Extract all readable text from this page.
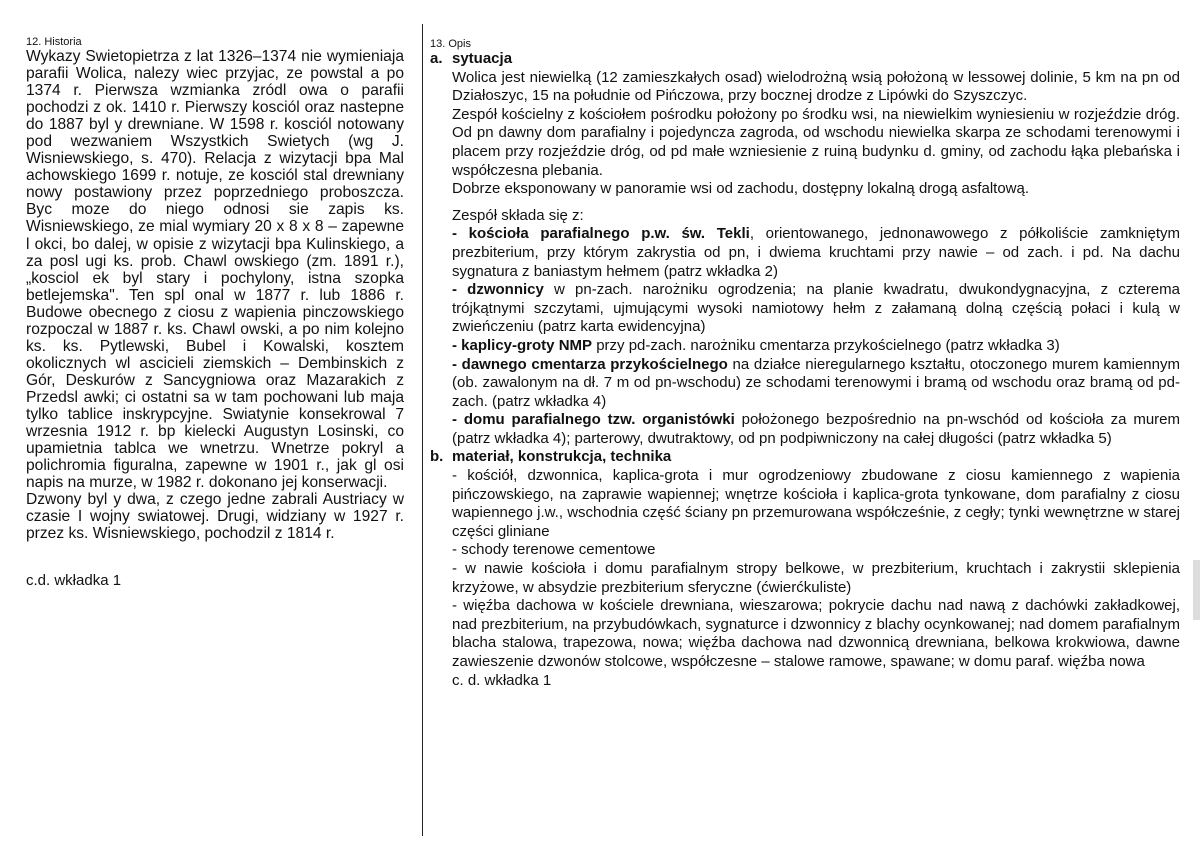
12. Historia
Wykazy Swietopietrza z lat 1326–1374 nie wymieniaja parafii Wolica, nalezy wiec przyjac, ze powstal a po 1374 r. Pierwsza wzmianka zródl owa o parafii pochodzi z ok. 1410 r. Pierwszy kosciól oraz nastepne do 1887 byl y drewniane. W 1598 r. kosciól notowany pod wezwaniem Wszystkich Swietych (wg J. Wisniewskiego, s. 470). Relacja z wizytacji bpa Mal achowskiego 1699 r. notuje, ze kosciól stal drewniany nowy postawiony przez poprzedniego proboszcza. Byc moze do niego odnosi sie zapis ks. Wisniewskiego, ze mial wymiary 20 x 8 x 8 – zapewne l okci, bo dalej, w opisie z wizytacji bpa Kulinskiego, a za posl ugi ks. prob. Chawl owskiego (zm. 1891 r.), „kosciol ek byl stary i pochylony, istna szopka betlejemska". Ten spl onal w 1877 r. lub 1886 r. Budowe obecnego z ciosu z wapienia pinczowskiego rozpoczal w 1887 r. ks. Chawl owski, a po nim kolejno ks. ks. Pytlewski, Bubel i Kowalski, kosztem okolicznych wl ascicieli ziemskich – Dembinskich z Gór, Deskurów z Sancygniowa oraz Mazarakich z Przedsl awki; ci ostatni sa w tam pochowani lub maja tylko tablice inskrypcyjne. Swiatynie konsekrowal 7 wrzesnia 1912 r. bp kielecki Augustyn Losinski, co upamietnia tablca we wnetrzu. Wnetrze pokryl a polichromia figuralna, zapewne w 1901 r., jak gl osi napis na murze, w 1982 r. dokonano jej konserwacji.
Dzwony byl y dwa, z czego jedne zabrali Austriacy w czasie I wojny swiatowej. Drugi, widziany w 1927 r. przez ks. Wisniewskiego, pochodzil z 1814 r.
c.d. wkładka 1
13. Opis
a. sytuacja
Wolica jest niewielką (12 zamieszkałych osad) wielodrożną wsią położoną w lessowej dolinie, 5 km na pn od Działoszyc, 15 na południe od Pińczowa, przy bocznej drodze z Lipówki do Szyszczyc.
Zespół kościelny z kościołem pośrodku położony po środku wsi, na niewielkim wyniesieniu w rozjeździe dróg. Od pn dawny dom parafialny i pojedyncza zagroda, od wschodu niewielka skarpa ze schodami terenowymi i placem przy rozjeździe dróg, od pd małe wzniesienie z ruiną budynku d. gminy, od zachodu łąka plebańska i współczesna plebania.
Dobrze eksponowany w panoramie wsi od zachodu, dostępny lokalną drogą asfaltową.
Zespół składa się z:
- kościoła parafialnego p.w. św. Tekli, orientowanego, jednonawowego z półkoliście zamkniętym prezbiterium, przy którym zakrystia od pn, i dwiema kruchtami przy nawie – od zach. i pd. Na dachu sygnatura z baniastym hełmem (patrz wkładka 2)
- dzwonnicy w pn-zach. narożniku ogrodzenia; na planie kwadratu, dwukondygnacyjna, z czterema trójkątnymi szczytami, ujmującymi wysoki namiotowy hełm z załamaną dolną częścią połaci i kulą w zwieńczeniu (patrz karta ewidencyjna)
- kaplicy-groty NMP przy pd-zach. narożniku cmentarza przykościelnego (patrz wkładka 3)
- dawnego cmentarza przykościelnego na działce nieregularnego kształtu, otoczonego murem kamiennym (ob. zawalonym na dł. 7 m od pn-wschodu) ze schodami terenowymi i bramą od wschodu oraz bramą od pd-zach. (patrz wkładka 4)
- domu parafialnego tzw. organistówki położonego bezpośrednio na pn-wschód od kościoła za murem (patrz wkładka 4); parterowy, dwutraktowy, od pn podpiwniczony na całej długości (patrz wkładka 5)
b. materiał, konstrukcja, technika
- kościół, dzwonnica, kaplica-grota i mur ogrodzeniowy zbudowane z ciosu kamiennego z wapienia pińczowskiego, na zaprawie wapiennej; wnętrze kościoła i kaplica-grota tynkowane, dom parafialny z ciosu wapiennego j.w., wschodnia część ściany pn przemurowana współcześnie, z cegły; tynki wewnętrzne w starej części gliniane
- schody terenowe cementowe
- w nawie kościoła i domu parafialnym stropy belkowe, w prezbiterium, kruchtach i zakrystii sklepienia krzyżowe, w absydzie prezbiterium sferyczne (ćwierćkuliste)
- więźba dachowa w kościele drewniana, wieszarowa; pokrycie dachu nad nawą z dachówki zakładkowej, nad prezbiterium, na przybudówkach, sygnaturce i dzwonnicy z blachy ocynkowanej; nad domem parafialnym blacha stalowa, trapezowa, nowa; więźba dachowa nad dzwonnicą drewniana, belkowa krokwiowa, dawne zawieszenie dzwonów stolcowe, współczesne – stalowe ramowe, spawane; w domu paraf. więźba nowa
c. d. wkładka 1
